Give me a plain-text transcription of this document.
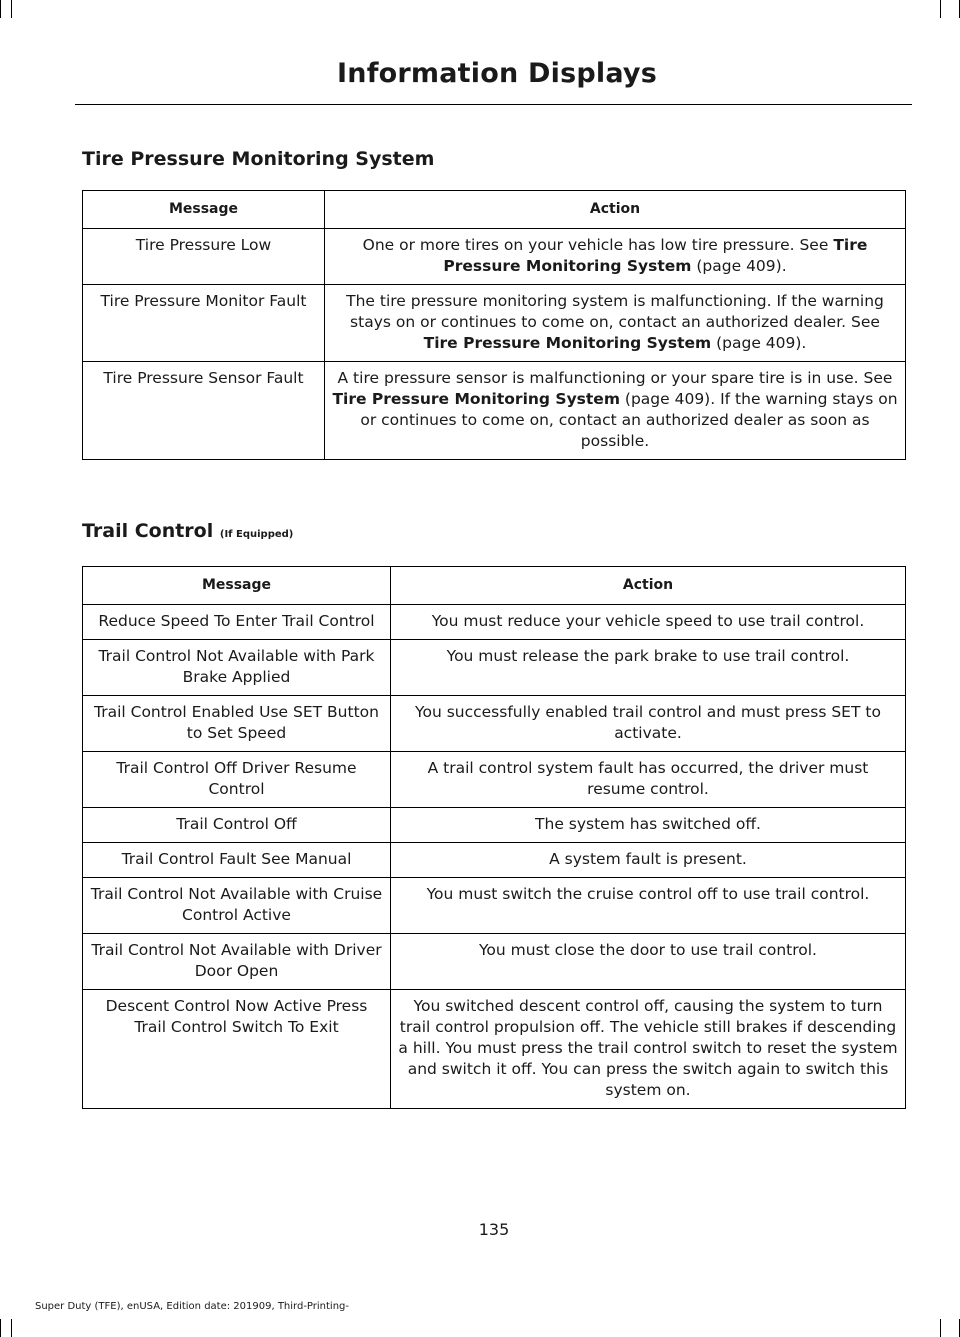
Information Displays
Tire Pressure Monitoring System
Message	Action
Tire Pressure Low	One or more tires on your vehicle has low tire pressure. See Tire Pressure Monitoring System (page 409).
Tire Pressure Monitor Fault	The tire pressure monitoring system is malfunctioning. If the warning stays on or continues to come on, contact an authorized dealer. See Tire Pressure Monitoring System (page 409).
Tire Pressure Sensor Fault	A tire pressure sensor is malfunctioning or your spare tire is in use. See Tire Pressure Monitoring System (page 409). If the warning stays on or continues to come on, contact an authorized dealer as soon as possible.
Trail Control (If Equipped)
Message	Action
Reduce Speed To Enter Trail Control	You must reduce your vehicle speed to use trail control.
Trail Control Not Available with Park Brake Applied	You must release the park brake to use trail control.
Trail Control Enabled Use SET Button to Set Speed	You successfully enabled trail control and must press SET to activate.
Trail Control Off Driver Resume Control	A trail control system fault has occurred, the driver must resume control.
Trail Control Off	The system has switched off.
Trail Control Fault See Manual	A system fault is present.
Trail Control Not Available with Cruise Control Active	You must switch the cruise control off to use trail control.
Trail Control Not Available with Driver Door Open	You must close the door to use trail control.
Descent Control Now Active Press Trail Control Switch To Exit	You switched descent control off, causing the system to turn trail control propulsion off. The vehicle still brakes if descending a hill. You must press the trail control switch to reset the system and switch it off. You can press the switch again to switch this system on.
135
Super Duty (TFE), enUSA, Edition date: 201909, Third-Printing-
